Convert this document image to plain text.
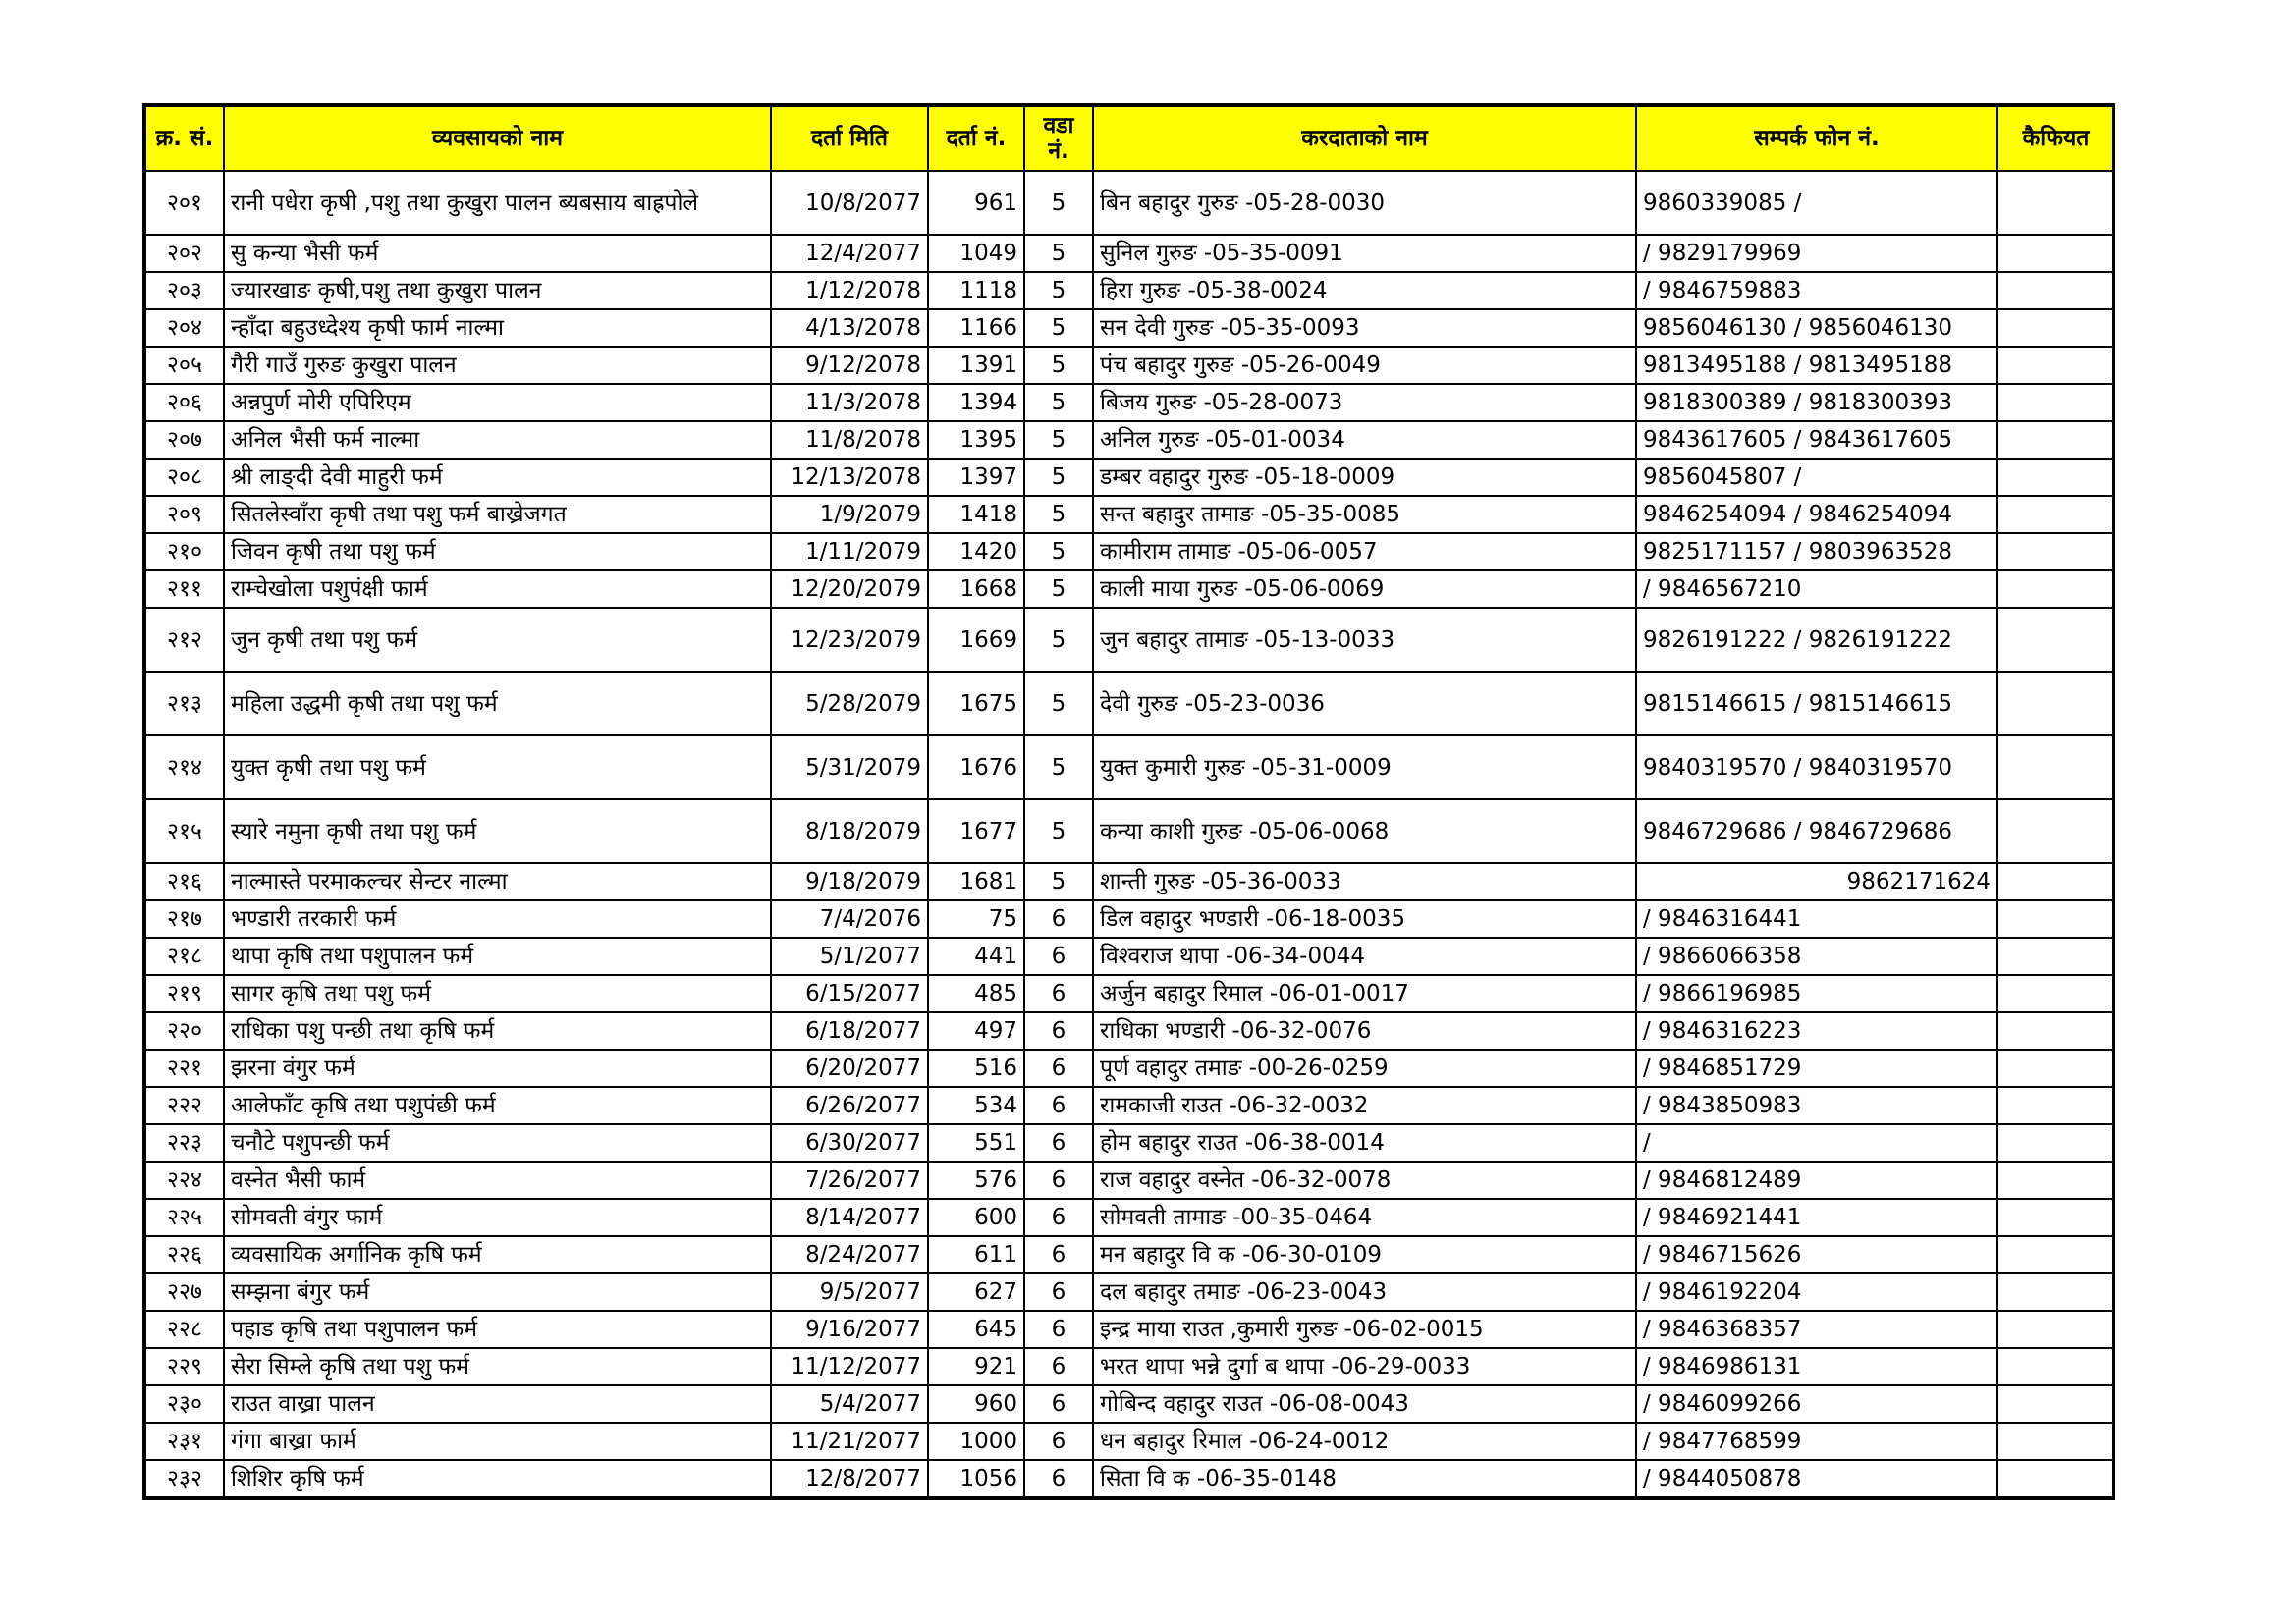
क्र. सं.	व्यवसायको नाम	दर्ता मिति	दर्ता नं.	वडा नं.	करदाताको नाम	सम्पर्क फोन नं.	कैफियत
२०१	रानी पधेरा कृषी ,पशु तथा कुखुरा पालन ब्यबसाय बाह्रपोले	10/8/2077	961	5	बिन बहादुर गुरुङ -05-28-0030	9860339085 /	
२०२	सु कन्या भैसी फर्म	12/4/2077	1049	5	सुनिल गुरुङ -05-35-0091	/ 9829179969	
२०३	ज्यारखाङ कृषी,पशु तथा कुखुरा पालन	1/12/2078	1118	5	हिरा गुरुङ -05-38-0024	/ 9846759883	
२०४	न्हाँदा बहुउध्देश्य कृषी फार्म नाल्मा	4/13/2078	1166	5	सन देवी गुरुङ -05-35-0093	9856046130 / 9856046130	
२०५	गैरी गाउँ गुरुङ कुखुरा पालन	9/12/2078	1391	5	पंच बहादुर गुरुङ -05-26-0049	9813495188 / 9813495188	
२०६	अन्नपुर्ण मोरी एपिरिएम	11/3/2078	1394	5	बिजय गुरुङ -05-28-0073	9818300389 / 9818300393	
२०७	अनिल भैसी फर्म नाल्मा	11/8/2078	1395	5	अनिल गुरुङ -05-01-0034	9843617605 / 9843617605	
२०८	श्री लाङ्दी देवी माहुरी फर्म	12/13/2078	1397	5	डम्बर वहादुर गुरुङ -05-18-0009	9856045807 /	
२०९	सितलेस्वाँरा कृषी तथा पशु फर्म बाख्रेजगत	1/9/2079	1418	5	सन्त बहादुर तामाङ -05-35-0085	9846254094 / 9846254094	
२१०	जिवन कृषी तथा पशु फर्म	1/11/2079	1420	5	कामीराम तामाङ -05-06-0057	9825171157 / 9803963528	
२११	राम्चेखोला पशुपंक्षी फार्म	12/20/2079	1668	5	काली माया गुरुङ -05-06-0069	/ 9846567210	
२१२	जुन कृषी तथा पशु फर्म	12/23/2079	1669	5	जुन बहादुर तामाङ -05-13-0033	9826191222 / 9826191222	
२१३	महिला उद्धमी कृषी तथा पशु फर्म	5/28/2079	1675	5	देवी गुरुङ -05-23-0036	9815146615 / 9815146615	
२१४	युक्त कृषी तथा पशु फर्म	5/31/2079	1676	5	युक्त कुमारी गुरुङ -05-31-0009	9840319570 / 9840319570	
२१५	स्यारे नमुना कृषी तथा पशु फर्म	8/18/2079	1677	5	कन्या काशी गुरुङ -05-06-0068	9846729686 / 9846729686	
२१६	नाल्मास्ते परमाकल्चर सेन्टर नाल्मा	9/18/2079	1681	5	शान्ती गुरुङ -05-36-0033	9862171624	
२१७	भण्डारी तरकारी फर्म	7/4/2076	75	6	डिल वहादुर भण्डारी -06-18-0035	/ 9846316441	
२१८	थापा कृषि तथा पशुपालन फर्म	5/1/2077	441	6	विश्वराज थापा -06-34-0044	/ 9866066358	
२१९	सागर कृषि तथा पशु फर्म	6/15/2077	485	6	अर्जुन बहादुर रिमाल -06-01-0017	/ 9866196985	
२२०	राधिका पशु पन्छी तथा कृषि फर्म	6/18/2077	497	6	राधिका भण्डारी -06-32-0076	/ 9846316223	
२२१	झरना वंगुर फर्म	6/20/2077	516	6	पूर्ण वहादुर तमाङ -00-26-0259	/ 9846851729	
२२२	आलेफाँट कृषि तथा पशुपंछी फर्म	6/26/2077	534	6	रामकाजी राउत -06-32-0032	/ 9843850983	
२२३	चनौटे पशुपन्छी फर्म	6/30/2077	551	6	होम बहादुर राउत -06-38-0014	/	
२२४	वस्नेत भैसी फार्म	7/26/2077	576	6	राज वहादुर वस्नेत -06-32-0078	/ 9846812489	
२२५	सोमवती वंगुर फार्म	8/14/2077	600	6	सोमवती तामाङ -00-35-0464	/ 9846921441	
२२६	व्यवसायिक अर्गानिक कृषि फर्म	8/24/2077	611	6	मन बहादुर वि क -06-30-0109	/ 9846715626	
२२७	सम्झना बंगुर फर्म	9/5/2077	627	6	दल बहादुर तमाङ -06-23-0043	/ 9846192204	
२२८	पहाड कृषि तथा पशुपालन फर्म	9/16/2077	645	6	इन्द्र माया राउत ,कुमारी गुरुङ -06-02-0015	/ 9846368357	
२२९	सेरा सिम्ले कृषि तथा पशु फर्म	11/12/2077	921	6	भरत थापा भन्ने दुर्गा ब थापा -06-29-0033	/ 9846986131	
२३०	राउत वाख्रा पालन	5/4/2077	960	6	गोबिन्द वहादुर राउत -06-08-0043	/ 9846099266	
२३१	गंगा बाख्रा फार्म	11/21/2077	1000	6	धन बहादुर रिमाल -06-24-0012	/ 9847768599	
२३२	शिशिर कृषि फर्म	12/8/2077	1056	6	सिता वि क -06-35-0148	/ 9844050878	
